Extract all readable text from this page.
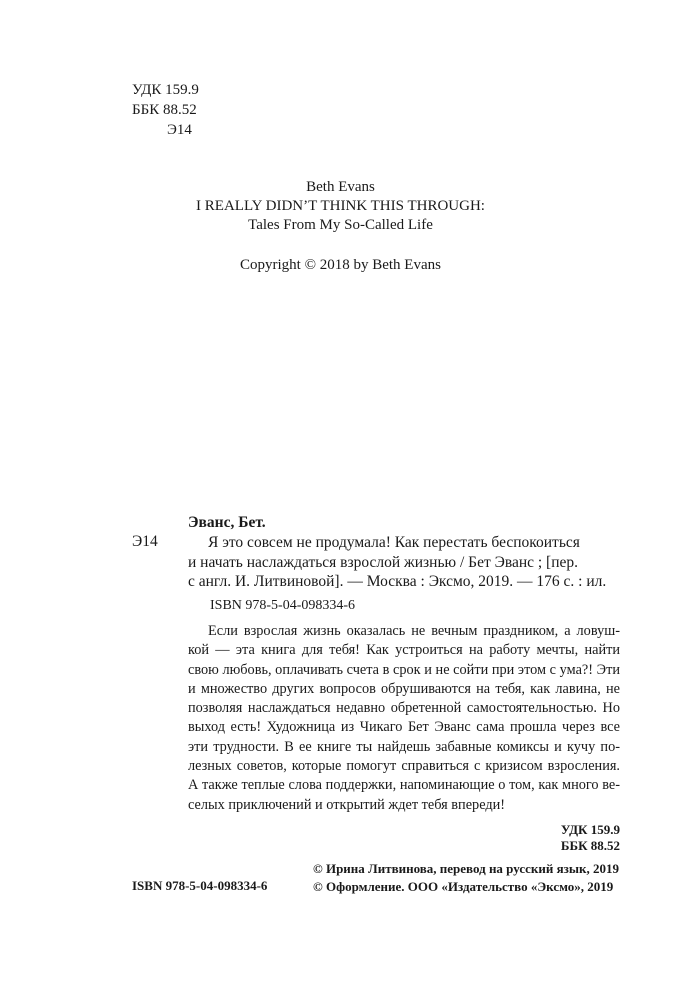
УДК 159.9
ББК 88.52
Э14
Beth Evans
I REALLY DIDN’T THINK THIS THROUGH:
Tales From My So-Called Life
Copyright © 2018 by Beth Evans
Эванс, Бет.
Э14	Я это совсем не продумала! Как перестать беспокоиться
и начать наслаждаться взрослой жизнью / Бет Эванс ; [пер.
с англ. И. Литвиновой]. — Москва : Эксмо, 2019. — 176 с. : ил.
ISBN 978-5-04-098334-6
Если взрослая жизнь оказалась не вечным праздником, а ловуш-
кой — эта книга для тебя! Как устроиться на работу мечты, найти
свою любовь, оплачивать счета в срок и не сойти при этом с ума?! Эти
и множество других вопросов обрушиваются на тебя, как лавина, не
позволяя наслаждаться недавно обретенной самостоятельностью. Но
выход есть! Художница из Чикаго Бет Эванс сама прошла через все
эти трудности. В ее книге ты найдешь забавные комиксы и кучу по-
лезных советов, которые помогут справиться с кризисом взросления.
А также теплые слова поддержки, напоминающие о том, как много ве-
селых приключений и открытий ждет тебя впереди!
УДК 159.9
ББК 88.52
ISBN 978-5-04-098334-6
© Ирина Литвинова, перевод на русский язык, 2019
© Оформление. ООО «Издательство «Эксмо», 2019
